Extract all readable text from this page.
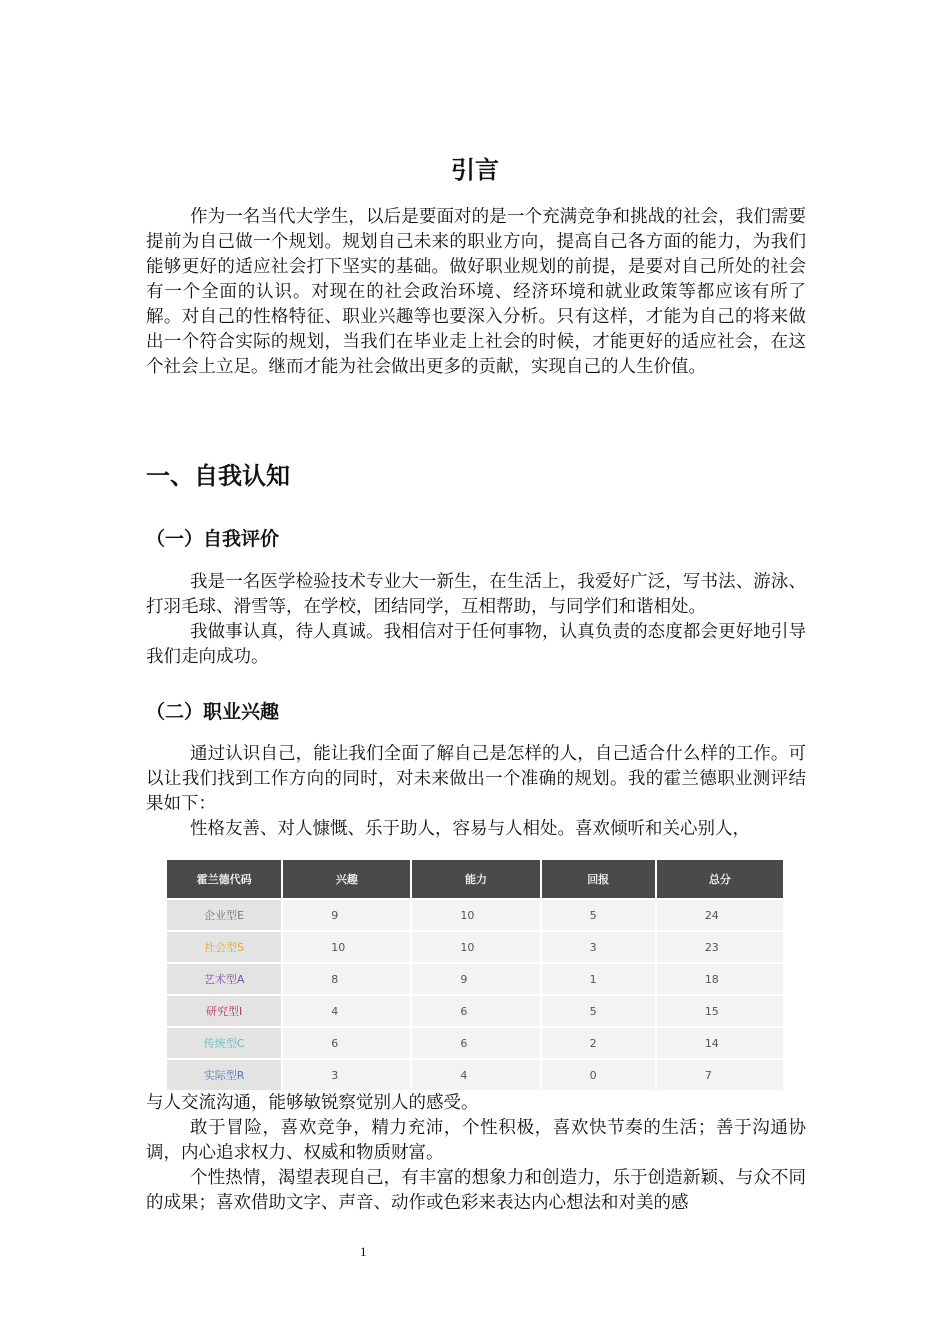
引言

作为一名当代大学生，以后是要面对的是一个充满竞争和挑战的社会，我们需要提前为自己做一个规划。规划自己未来的职业方向，提高自己各方面的能力，为我们能够更好的适应社会打下坚实的基础。做好职业规划的前提，是要对自己所处的社会有一个全面的认识。对现在的社会政治环境、经济环境和就业政策等都应该有所了解。对自己的性格特征、职业兴趣等也要深入分析。只有这样，才能为自己的将来做出一个符合实际的规划，当我们在毕业走上社会的时候，才能更好的适应社会，在这个社会上立足。继而才能为社会做出更多的贡献，实现自己的人生价值。

一、自我认知
（一）自我评价

我是一名医学检验技术专业大一新生，在生活上，我爱好广泛，写书法、游泳、打羽毛球、滑雪等，在学校，团结同学，互相帮助，与同学们和谐相处。

我做事认真，待人真诚。我相信对于任何事物，认真负责的态度都会更好地引导我们走向成功。

（二）职业兴趣

通过认识自己，能让我们全面了解自己是怎样的人，自己适合什么样的工作。可以让我们找到工作方向的同时，对未来做出一个准确的规划。我的霍兰德职业测评结果如下：

性格友善、对人慷慨、乐于助人，容易与人相处。喜欢倾听和关心别人，

霍兰德代码	兴趣	能力	回报	总分
企业型E	9	10	5	24
社会型S	10	10	3	23
艺术型A	8	9	1	18
研究型I	4	6	5	15
传统型C	6	6	2	14
实际型R	3	4	0	7

与人交流沟通，能够敏锐察觉别人的感受。

敢于冒险，喜欢竞争，精力充沛，个性积极，喜欢快节奏的生活；善于沟通协调，内心追求权力、权威和物质财富。

个性热情，渴望表现自己，有丰富的想象力和创造力，乐于创造新颖、与众不同的成果；喜欢借助文字、声音、动作或色彩来表达内心想法和对美的感

1
